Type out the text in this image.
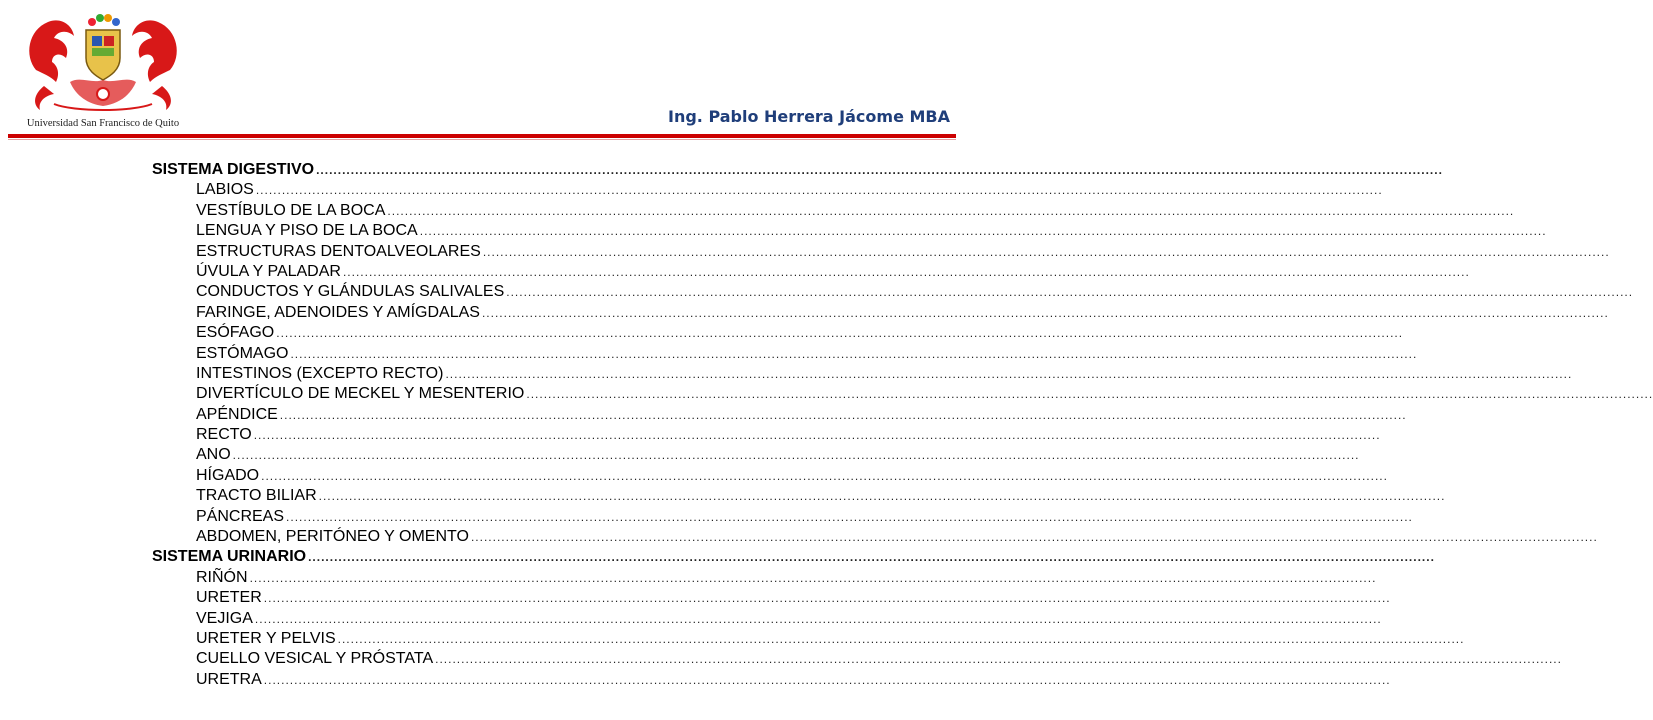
Universidad San Francisco de Quito	Ing. Pablo Herrera Jácome MBA
SISTEMA DIGESTIVO ....................................................................................................................................................................................................................................................................
LABIOS ....................................................................................................................................................................................................................................................................
VESTÍBULO DE LA BOCA ....................................................................................................................................................................................................................................................................
LENGUA Y PISO DE LA BOCA ....................................................................................................................................................................................................................................................................
ESTRUCTURAS DENTOALVEOLARES ....................................................................................................................................................................................................................................................................
ÚVULA Y PALADAR ....................................................................................................................................................................................................................................................................
CONDUCTOS Y GLÁNDULAS SALIVALES ....................................................................................................................................................................................................................................................................
FARINGE, ADENOIDES Y AMÍGDALAS ....................................................................................................................................................................................................................................................................
ESÓFAGO ....................................................................................................................................................................................................................................................................
ESTÓMAGO ....................................................................................................................................................................................................................................................................
INTESTINOS (EXCEPTO RECTO) ....................................................................................................................................................................................................................................................................
DIVERTÍCULO DE MECKEL Y MESENTERIO ....................................................................................................................................................................................................................................................................
APÉNDICE ....................................................................................................................................................................................................................................................................
RECTO ....................................................................................................................................................................................................................................................................
ANO ....................................................................................................................................................................................................................................................................
HÍGADO ....................................................................................................................................................................................................................................................................
TRACTO BILIAR ....................................................................................................................................................................................................................................................................
PÁNCREAS ....................................................................................................................................................................................................................................................................
ABDOMEN, PERITÓNEO Y OMENTO ....................................................................................................................................................................................................................................................................
SISTEMA URINARIO ....................................................................................................................................................................................................................................................................
RIÑÓN ....................................................................................................................................................................................................................................................................
URETER ....................................................................................................................................................................................................................................................................
VEJIGA ....................................................................................................................................................................................................................................................................
URETER Y PELVIS ....................................................................................................................................................................................................................................................................
CUELLO VESICAL Y PRÓSTATA ....................................................................................................................................................................................................................................................................
URETRA ....................................................................................................................................................................................................................................................................
